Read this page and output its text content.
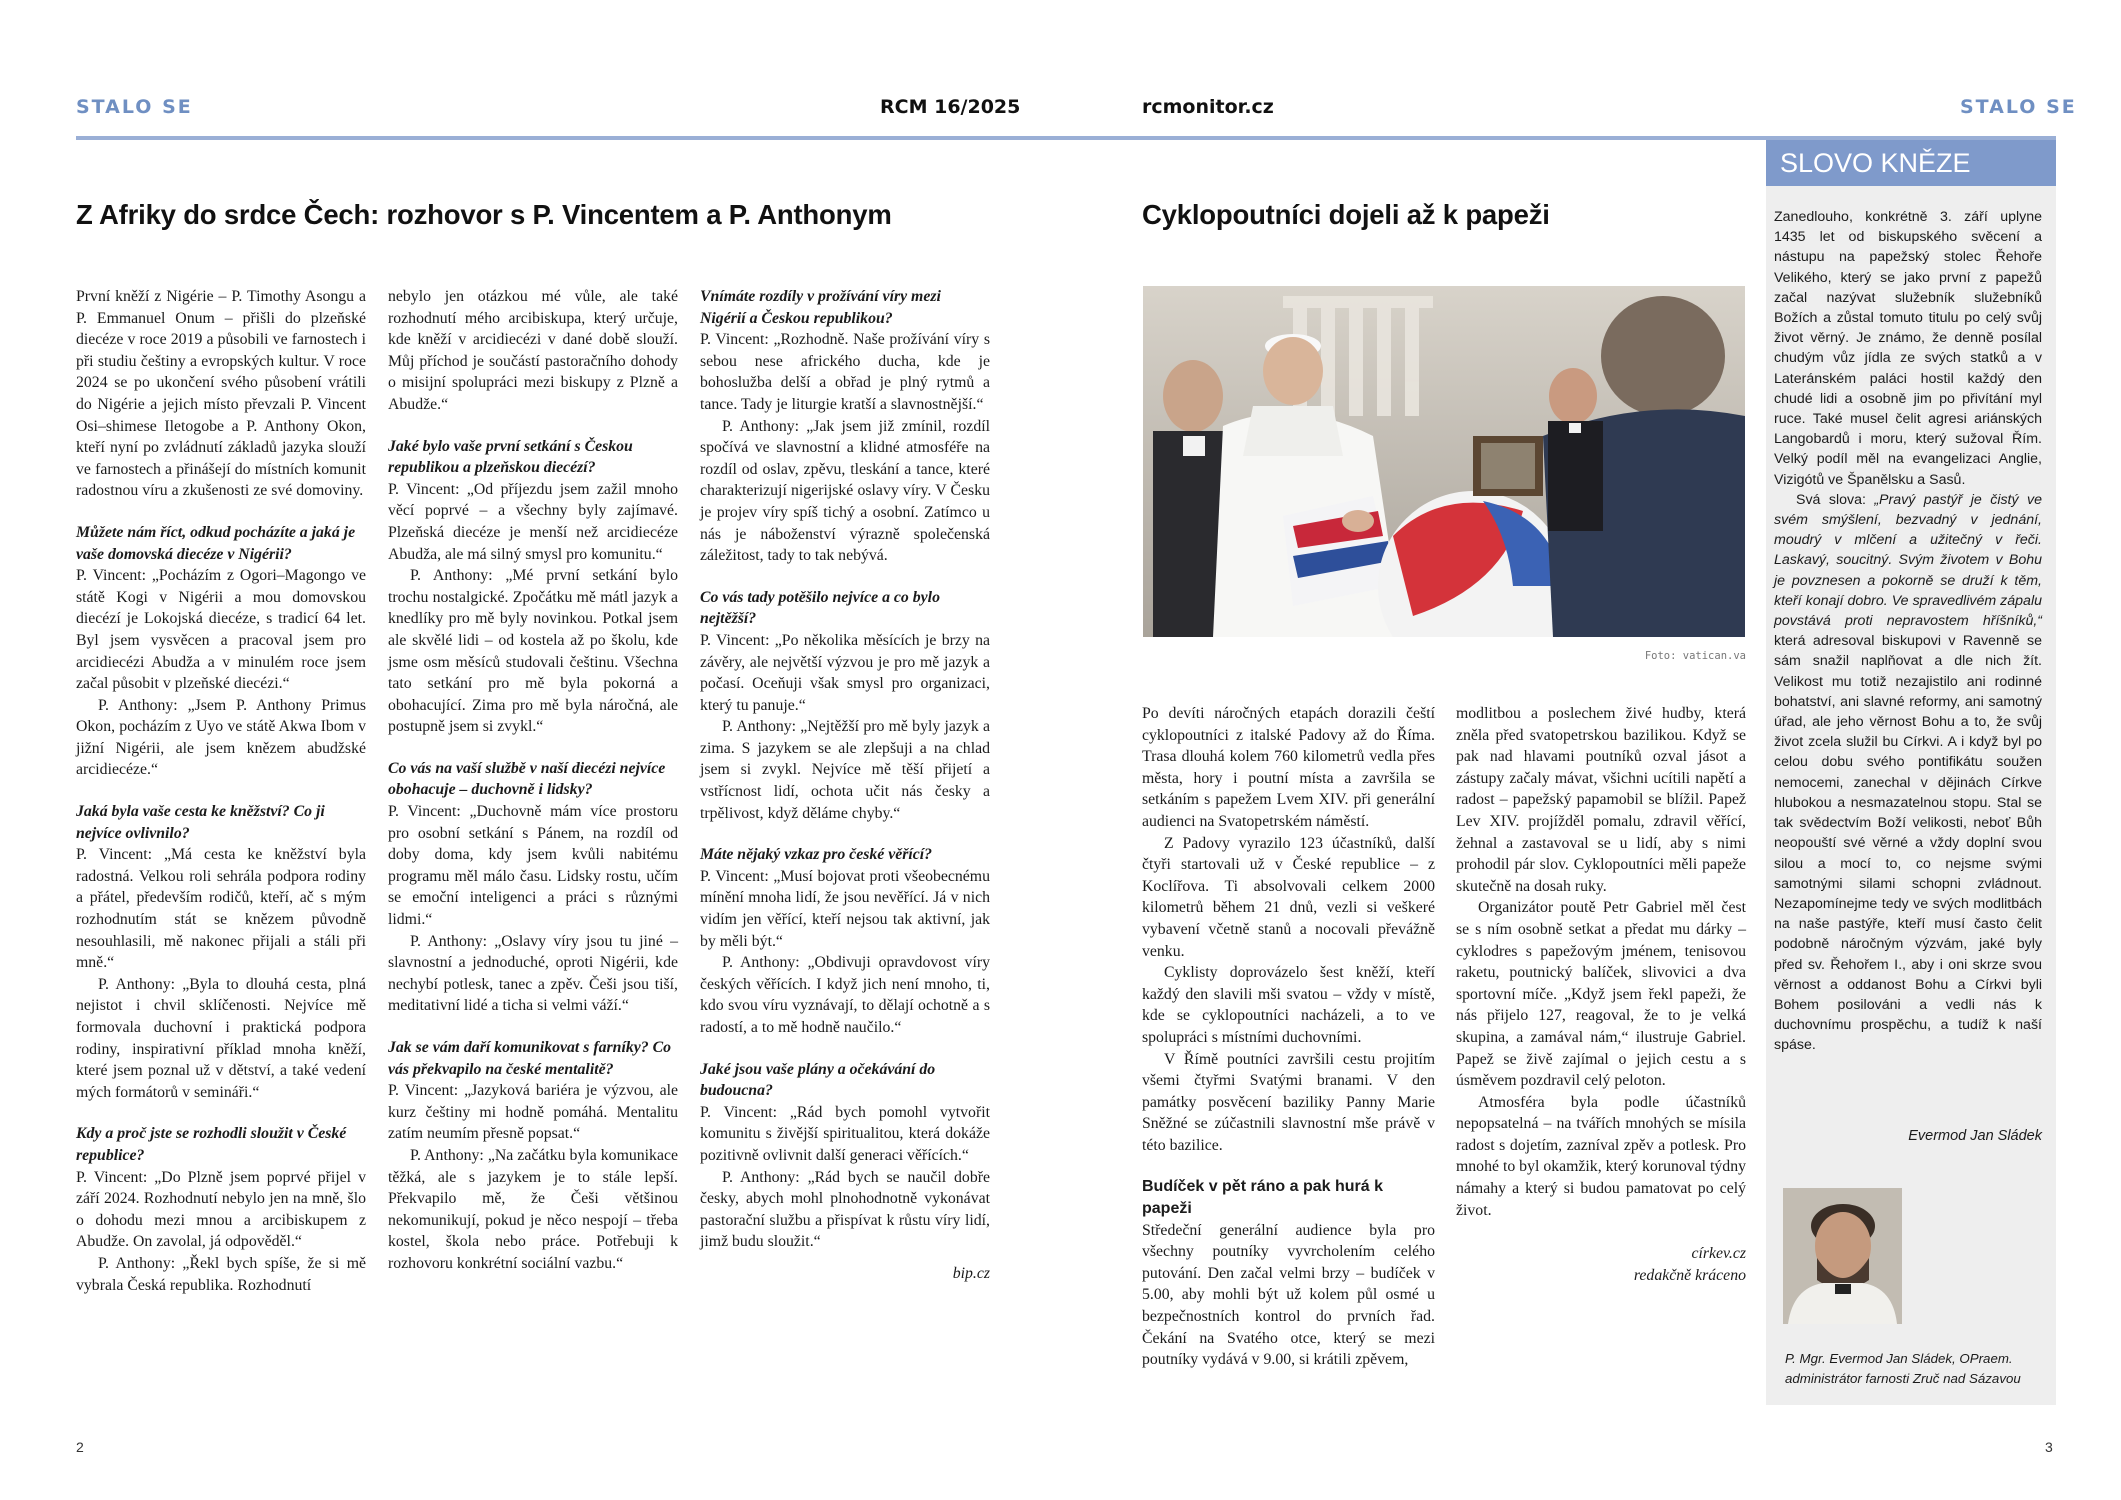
STALO SE	RCM 16/2025	rcmonitor.cz	STALO SE
Z Afriky do srdce Čech: rozhovor s P. Vincentem a P. Anthonym

První kněží z Nigérie – P. Timothy Asongu a P. Emmanuel Onum – přišli do plzeňské diecéze v roce 2019 a působili ve farnostech i při studiu češtiny a evropských kultur. V roce 2024 se po ukončení svého působení vrátili do Nigérie a jejich místo převzali P. Vincent Osi–shimese Iletogobe a P. Anthony Okon, kteří nyní po zvládnutí základů jazyka slouží ve farnostech a přinášejí do místních komunit radostnou víru a zkušenosti ze své domoviny.

Můžete nám říct, odkud pocházíte a jaká je vaše domovská diecéze v Nigérii?

P. Vincent: „Pocházím z Ogori–Magongo ve státě Kogi v Nigérii a mou domovskou diecézí je Lokojská diecéze, s tradicí 64 let. Byl jsem vysvěcen a pracoval jsem pro arcidiecézi Abudža a v minulém roce jsem začal působit v plzeňské diecézi.“

P. Anthony: „Jsem P. Anthony Primus Okon, pocházím z Uyo ve státě Akwa Ibom v jižní Nigérii, ale jsem knězem abudžské arcidiecéze.“

Jaká byla vaše cesta ke kněžství? Co ji nejvíce ovlivnilo?

P. Vincent: „Má cesta ke kněžství byla radostná. Velkou roli sehrála podpora rodiny a přátel, především rodičů, kteří, ač s mým rozhodnutím stát se knězem původně nesouhlasili, mě nakonec přijali a stáli při mně.“

P. Anthony: „Byla to dlouhá cesta, plná nejistot i chvil sklíčenosti. Nejvíce mě formovala duchovní i praktická podpora rodiny, inspirativní příklad mnoha kněží, které jsem poznal už v dětství, a také vedení mých formátorů v semináři.“

Kdy a proč jste se rozhodli sloužit v České republice?

P. Vincent: „Do Plzně jsem poprvé přijel v září 2024. Rozhodnutí nebylo jen na mně, šlo o dohodu mezi mnou a arcibiskupem z Abudže. On zavolal, já odpověděl.“

P. Anthony: „Řekl bych spíše, že si mě vybrala Česká republika. Rozhodnutí

nebylo jen otázkou mé vůle, ale také rozhodnutí mého arcibiskupa, který určuje, kde kněží v arcidiecézi v dané době slouží. Můj příchod je součástí pastoračního dohody o misijní spolupráci mezi biskupy z Plzně a Abudže.“

Jaké bylo vaše první setkání s Českou republikou a plzeňskou diecézí?

P. Vincent: „Od příjezdu jsem zažil mnoho věcí poprvé – a všechny byly zajímavé. Plzeňská diecéze je menší než arcidiecéze Abudža, ale má silný smysl pro komunitu.“

P. Anthony: „Mé první setkání bylo trochu nostalgické. Zpočátku mě mátl jazyk a knedlíky pro mě byly novinkou. Potkal jsem ale skvělé lidi – od kostela až po školu, kde jsme osm měsíců studovali češtinu. Všechna tato setkání pro mě byla pokorná a obohacující. Zima pro mě byla náročná, ale postupně jsem si zvykl.“

Co vás na vaší službě v naší diecézi nejvíce obohacuje – duchovně i lidsky?

P. Vincent: „Duchovně mám více prostoru pro osobní setkání s Pánem, na rozdíl od doby doma, kdy jsem kvůli nabitému programu měl málo času. Lidsky rostu, učím se emoční inteligenci a práci s různými lidmi.“

P. Anthony: „Oslavy víry jsou tu jiné – slavnostní a jednoduché, oproti Nigérii, kde nechybí potlesk, tanec a zpěv. Češi jsou tiší, meditativní lidé a ticha si velmi váží.“

Jak se vám daří komunikovat s farníky? Co vás překvapilo na české mentalitě?

P. Vincent: „Jazyková bariéra je výzvou, ale kurz češtiny mi hodně pomáhá. Mentalitu zatím neumím přesně popsat.“

P. Anthony: „Na začátku byla komunikace těžká, ale s jazykem je to stále lepší. Překvapilo mě, že Češi většinou nekomunikují, pokud je něco nespojí – třeba kostel, škola nebo práce. Potřebuji k rozhovoru konkrétní sociální vazbu.“

Vnímáte rozdíly v prožívání víry mezi Nigérií a Českou republikou?

P. Vincent: „Rozhodně. Naše prožívání víry s sebou nese afrického ducha, kde je bohoslužba delší a obřad je plný rytmů a tance. Tady je liturgie kratší a slavnostnější.“

P. Anthony: „Jak jsem již zmínil, rozdíl spočívá ve slavnostní a klidné atmosféře na rozdíl od oslav, zpěvu, tleskání a tance, které charakterizují nigerijské oslavy víry. V Česku je projev víry spíš tichý a osobní. Zatímco u nás je náboženství výrazně společenská záležitost, tady to tak nebývá.

Co vás tady potěšilo nejvíce a co bylo nejtěžší?

P. Vincent: „Po několika měsících je brzy na závěry, ale největší výzvou je pro mě jazyk a počasí. Oceňuji však smysl pro organizaci, který tu panuje.“

P. Anthony: „Nejtěžší pro mě byly jazyk a zima. S jazykem se ale zlepšuji a na chlad jsem si zvykl. Nejvíce mě těší přijetí a vstřícnost lidí, ochota učit nás česky a trpělivost, když děláme chyby.“

Máte nějaký vzkaz pro české věřící?

P. Vincent: „Musí bojovat proti všeobecnému mínění mnoha lidí, že jsou nevěřící. Já v nich vidím jen věřící, kteří nejsou tak aktivní, jak by měli být.“

P. Anthony: „Obdivuji opravdovost víry českých věřících. I když jich není mnoho, ti, kdo svou víru vyznávají, to dělají ochotně a s radostí, a to mě hodně naučilo.“

Jaké jsou vaše plány a očekávání do budoucna?

P. Vincent: „Rád bych pomohl vytvořit komunitu s živější spiritualitou, která dokáže pozitivně ovlivnit další generaci věřících.“

P. Anthony: „Rád bych se naučil dobře česky, abych mohl plnohodnotně vykonávat pastorační službu a přispívat k růstu víry lidí, jimž budu sloužit.“

bip.cz

Cyklopoutníci dojeli až k papeži
Foto: vatican.va

Po devíti náročných etapách dorazili čeští cyklopoutníci z italské Padovy až do Říma. Trasa dlouhá kolem 760 kilometrů vedla přes města, hory i poutní místa a završila se setkáním s papežem Lvem XIV. při generální audienci na Svatopetrském náměstí.

Z Padovy vyrazilo 123 účastníků, další čtyři startovali už v České republice – z Koclířova. Ti absolvovali celkem 2000 kilometrů během 21 dnů, vezli si veškeré vybavení včetně stanů a nocovali převážně venku.

Cyklisty doprovázelo šest kněží, kteří každý den slavili mši svatou – vždy v místě, kde se cyklopoutníci nacházeli, a to ve spolupráci s místními duchovními.

V Římě poutníci završili cestu projitím všemi čtyřmi Svatými branami. V den památky posvěcení baziliky Panny Marie Sněžné se zúčastnili slavnostní mše právě v této bazilice.

Budíček v pět ráno a pak hurá k papeži

Středeční generální audience byla pro všechny poutníky vyvrcholením celého putování. Den začal velmi brzy – budíček v 5.00, aby mohli být už kolem půl osmé u bezpečnostních kontrol do prvních řad. Čekání na Svatého otce, který se mezi poutníky vydává v 9.00, si krátili zpěvem,

modlitbou a poslechem živé hudby, která zněla před svatopetrskou bazilikou. Když se pak nad hlavami poutníků ozval jásot a zástupy začaly mávat, všichni ucítili napětí a radost – papežský papamobil se blížil. Papež Lev XIV. projížděl pomalu, zdravil věřící, žehnal a zastavoval se u lidí, aby s nimi prohodil pár slov. Cyklopoutníci měli papeže skutečně na dosah ruky.

Organizátor poutě Petr Gabriel měl čest se s ním osobně setkat a předat mu dárky – cyklodres s papežovým jménem, tenisovou raketu, poutnický balíček, slivovici a dva sportovní míče. „Když jsem řekl papeži, že nás přijelo 127, reagoval, že to je velká skupina, a zamával nám,“ ilustruje Gabriel. Papež se živě zajímal o jejich cestu a s úsměvem pozdravil celý peloton.

Atmosféra byla podle účastníků nepopsatelná – na tvářích mnohých se mísila radost s dojetím, zazníval zpěv a potlesk. Pro mnohé to byl okamžik, který korunoval týdny námahy a který si budou pamatovat po celý život.

církev.cz

redakčně kráceno

SLOVO KNĚZE

Zanedlouho, konkrétně 3. září uplyne 1435 let od biskupského svěcení a nástupu na papežský stolec Řehoře Velikého, který se jako první z papežů začal nazývat služebník služebníků Božích a zůstal tomuto titulu po celý svůj život věrný. Je známo, že denně posílal chudým vůz jídla ze svých statků a v Lateránském paláci hostil každý den chudé lidi a osobně jim po přivítání myl ruce. Také musel čelit agresi ariánských Langobardů i moru, který sužoval Řím. Velký podíl měl na evangelizaci Anglie, Vizigótů ve Španělsku a Sasů.

Svá slova: „Pravý pastýř je čistý ve svém smýšlení, bezvadný v jednání, moudrý v mlčení a užitečný v řeči. Laskavý, soucitný. Svým životem v Bohu je povznesen a pokorně se druží k těm, kteří konají dobro. Ve spravedlivém zápalu povstává proti nepravostem hříšníků,“ která adresoval biskupovi v Ravenně se sám snažil naplňovat a dle nich žít. Velikost mu totiž nezajistilo ani rodinné bohatství, ani slavné reformy, ani samotný úřad, ale jeho věrnost Bohu a to, že svůj život zcela služil bu Církvi. A i když byl po celou dobu svého pontifikátu soužen nemocemi, zanechal v dějinách Církve hlubokou a nesmazatelnou stopu. Stal se tak svědectvím Boží velikosti, neboť Bůh neopouští své věrné a vždy doplní svou silou a mocí to, co nejsme svými samotnými silami schopni zvládnout. Nezapomínejme tedy ve svých modlitbách na naše pastýře, kteří musí často čelit podobně náročným výzvám, jaké byly před sv. Řehořem I., aby i oni skrze svou věrnost a oddanost Bohu a Církvi byli Bohem posilováni a vedli nás k duchovnímu prospěchu, a tudíž k naší spáse.

Evermod Jan Sládek
P. Mgr. Evermod Jan Sládek, OPraem.
administrátor farnosti Zruč nad Sázavou
2	3
